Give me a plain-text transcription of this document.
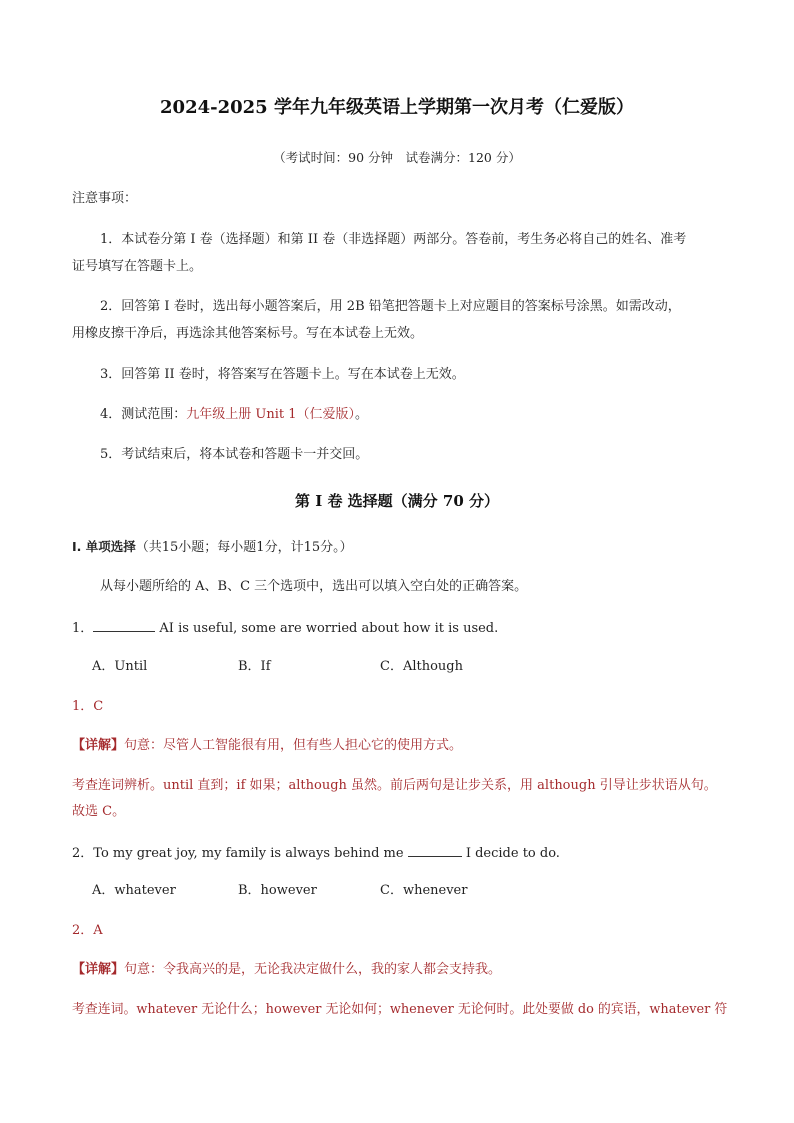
2024-2025 学年九年级英语上学期第一次月考（仁爱版）
（考试时间：90 分钟　试卷满分：120 分）
注意事项：
1．本试卷分第 I 卷（选择题）和第 II 卷（非选择题）两部分。答卷前，考生务必将自己的姓名、准考
证号填写在答题卡上。
2．回答第 I 卷时，选出每小题答案后，用 2B 铅笔把答题卡上对应题目的答案标号涂黑。如需改动，
用橡皮擦干净后，再选涂其他答案标号。写在本试卷上无效。
3．回答第 II 卷时，将答案写在答题卡上。写在本试卷上无效。
4．测试范围：九年级上册 Unit 1（仁爱版）。
5．考试结束后，将本试卷和答题卡一并交回。
第 I 卷 选择题（满分 70 分）
I. 单项选择（共15小题；每小题1分，计15分。）
从每小题所给的 A、B、C 三个选项中，选出可以填入空白处的正确答案。
1．	AI is useful, some are worried about how it is used.
A．Until	B．If	C．Although
1．C
【详解】句意：尽管人工智能很有用，但有些人担心它的使用方式。
考查连词辨析。until 直到；if 如果；although 虽然。前后两句是让步关系，用 although 引导让步状语从句。
故选 C。
2．To my great joy, my family is always behind me	I decide to do.
A．whatever	B．however	C．whenever
2．A
【详解】句意：令我高兴的是，无论我决定做什么，我的家人都会支持我。
考查连词。whatever 无论什么；however 无论如何；whenever 无论何时。此处要做 do 的宾语，whatever 符
